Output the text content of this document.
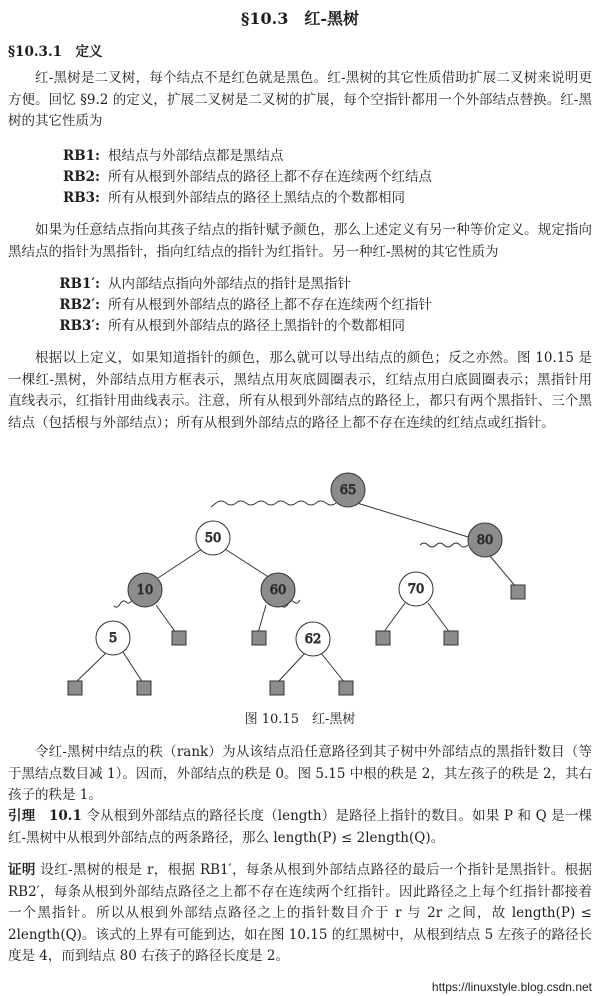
§10.3　红-黑树
§10.3.1　定义
红-黑树是二叉树，每个结点不是红色就是黑色。红-黑树的其它性质借助扩展二叉树来说明更方便。回忆 §9.2 的定义，扩展二叉树是二叉树的扩展，每个空指针都用一个外部结点替换。红-黑树的其它性质为
RB1: 根结点与外部结点都是黑结点
RB2: 所有从根到外部结点的路径上都不存在连续两个红结点
RB3: 所有从根到外部结点的路径上黑结点的个数都相同
如果为任意结点指向其孩子结点的指针赋予颜色，那么上述定义有另一种等价定义。规定指向黑结点的指针为黑指针，指向红结点的指针为红指针。另一种红-黑树的其它性质为
RB1′: 从内部结点指向外部结点的指针是黑指针
RB2′: 所有从根到外部结点的路径上都不存在连续两个红指针
RB3′: 所有从根到外部结点的路径上黑指针的个数都相同
根据以上定义，如果知道指针的颜色，那么就可以导出结点的颜色；反之亦然。图 10.15 是一棵红-黑树，外部结点用方框表示，黑结点用灰底圆圈表示，红结点用白底圆圈表示；黑指针用直线表示，红指针用曲线表示。注意，所有从根到外部结点的路径上，都只有两个黑指针、三个黑结点（包括根与外部结点）；所有从根到外部结点的路径上都不存在连续的红结点或红指针。
65
50	80
10	60	70
5	62
图 10.15　红-黑树
令红-黑树中结点的秩（rank）为从该结点沿任意路径到其子树中外部结点的黑指针数目（等于黑结点数目减 1）。因而，外部结点的秩是 0。图 5.15 中根的秩是 2，其左孩子的秩是 2，其右孩子的秩是 1。
引理　10.1 令从根到外部结点的路径长度（length）是路径上指针的数目。如果 P 和 Q 是一棵红-黑树中从根到外部结点的两条路径，那么 length(P) ≤ 2length(Q)。
证明 设红-黑树的根是 r，根据 RB1′，每条从根到外部结点路径的最后一个指针是黑指针。根据 RB2′，每条从根到外部结点路径之上都不存在连续两个红指针。因此路径之上每个红指针都接着一个黑指针。所以从根到外部结点路径之上的指针数目介于 r 与 2r 之间，故 length(P) ≤ 2length(Q)。该式的上界有可能到达，如在图 10.15 的红黑树中，从根到结点 5 左孩子的路径长度是 4，而到结点 80 右孩子的路径长度是 2。
https://linuxstyle.blog.csdn.net
